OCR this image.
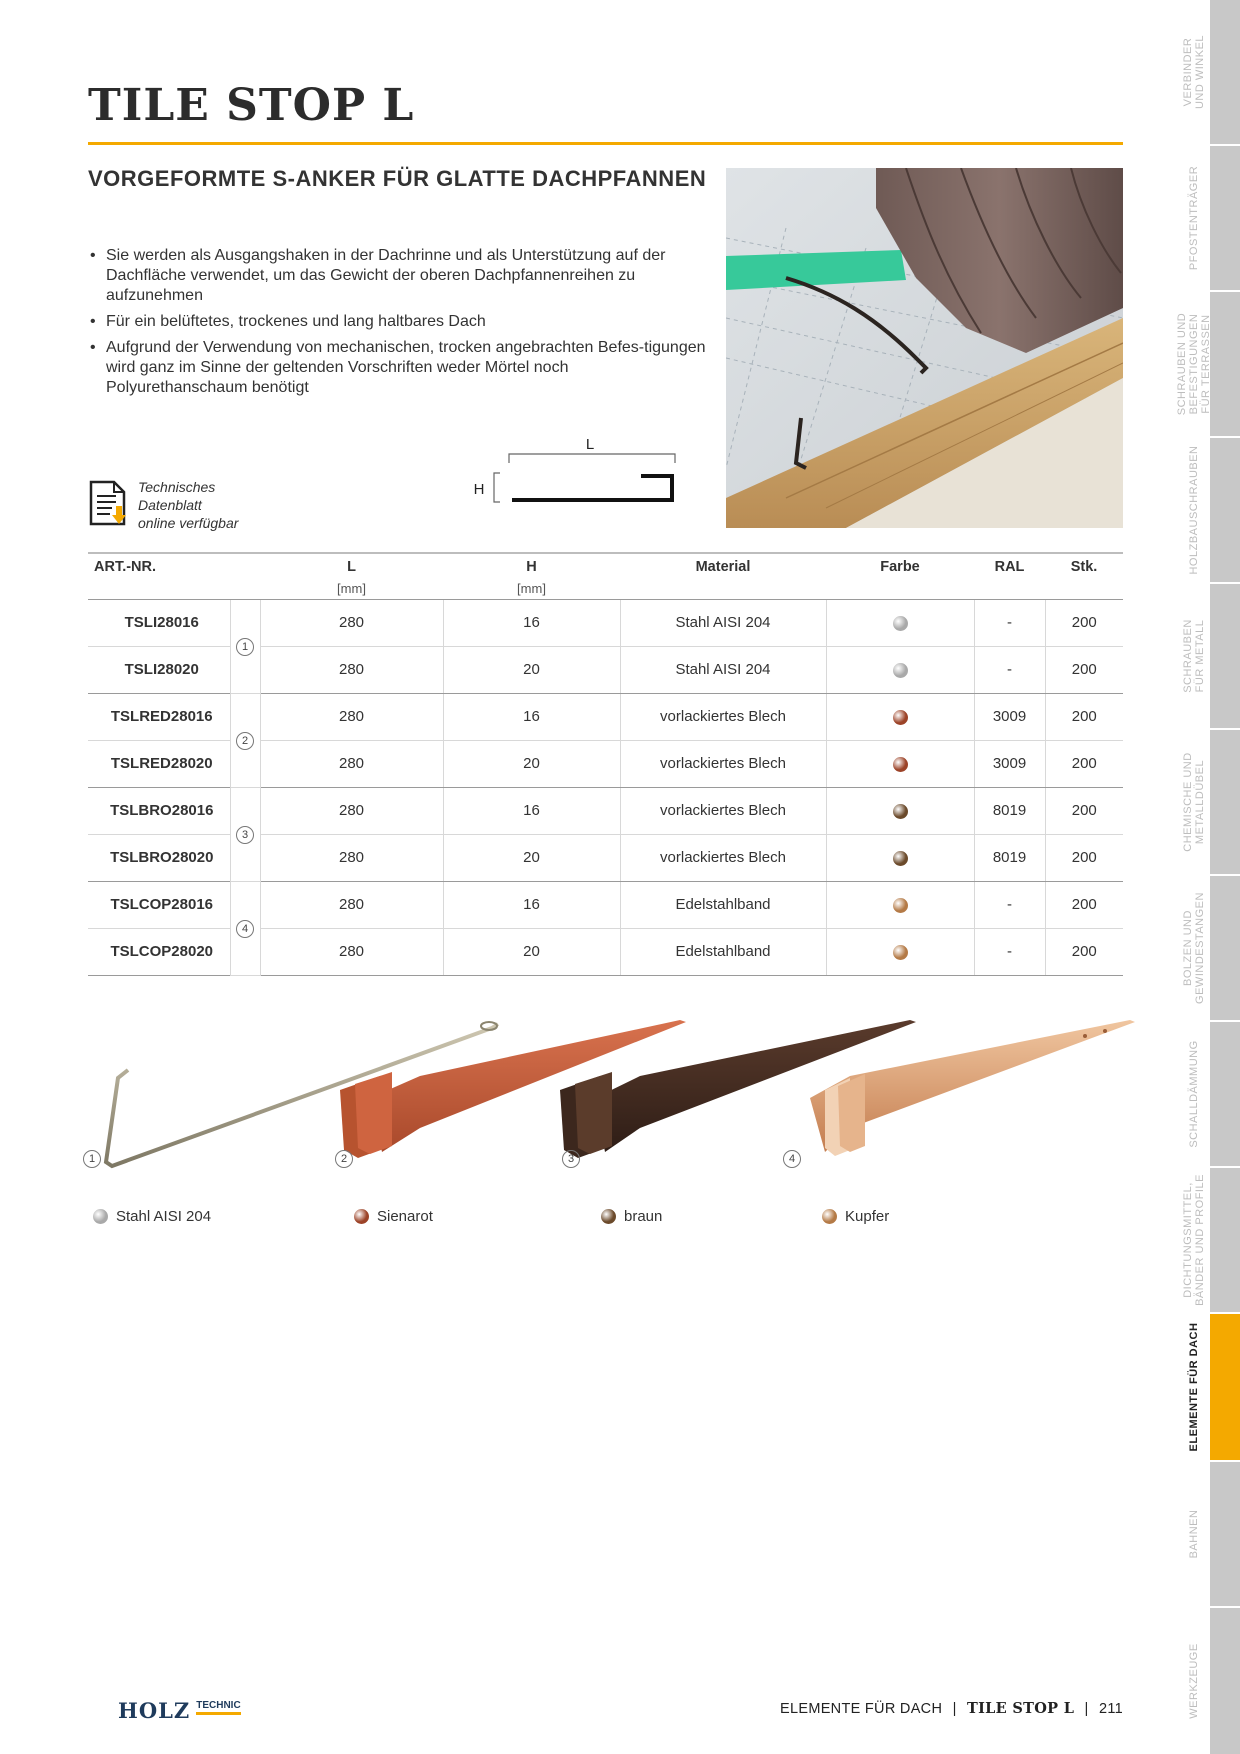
TILE STOP L
VORGEFORMTE S-ANKER FÜR GLATTE DACHPFANNEN
• Sie werden als Ausgangshaken in der Dachrinne und als Unterstützung auf der Dachfläche verwendet, um das Gewicht der oberen Dachpfannenreihen zu aufzunehmen
• Für ein belüftetes, trockenes und lang haltbares Dach
• Aufgrund der Verwendung von mechanischen, trocken angebrachten Befes-tigungen wird ganz im Sinne der geltenden Vorschriften weder Mörtel noch Polyurethanschaum benötigt
Technisches
Datenblatt
online verfügbar
L
H
ART.-NR.		L	H	Material	Farbe	RAL	Stk.
		[mm]	[mm]				
TSLI28016	1	280	16	Stahl AISI 204		-	200
TSLI28020		280	20	Stahl AISI 204		-	200
TSLRED28016	2	280	16	vorlackiertes Blech		3009	200
TSLRED28020		280	20	vorlackiertes Blech		3009	200
TSLBRO28016	3	280	16	vorlackiertes Blech		8019	200
TSLBRO28020		280	20	vorlackiertes Blech		8019	200
TSLCOP28016	4	280	16	Edelstahlband		-	200
TSLCOP28020		280	20	Edelstahlband		-	200
1	2	3	4
Stahl AISI 204	Sienarot	braun	Kupfer
HOLZ TECHNIC	ELEMENTE FÜR DACH | TILE STOP L | 211
VERBINDER
UND WINKEL
PFOSTENTRÄGER
SCHRAUBEN UND
BEFESTIGUNGEN
FÜR TERRASSEN
HOLZBAUSCHRAUBEN
SCHRAUBEN
FÜR METALL
CHEMISCHE UND
METALLDÜBEL
BOLZEN UND
GEWINDESTANGEN
SCHALLDÄMMUNG
DICHTUNGSMITTEL,
BÄNDER UND PROFILE
ELEMENTE FÜR DACH
BAHNEN
WERKZEUGE
